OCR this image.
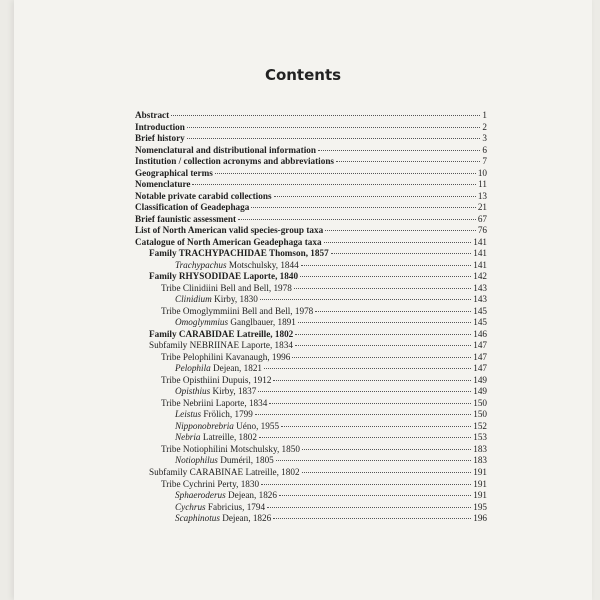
Contents
Abstract	1
Introduction	2
Brief history	3
Nomenclatural and distributional information	6
Institution / collection acronyms and abbreviations	7
Geographical terms	10
Nomenclature	11
Notable private carabid collections	13
Classification of Geadephaga	21
Brief faunistic assessment	67
List of North American valid species-group taxa	76
Catalogue of North American Geadephaga taxa	141
Family TRACHYPACHIDAE Thomson, 1857	141
Trachypachus Motschulsky, 1844	141
Family RHYSODIDAE Laporte, 1840	142
Tribe Clinidiini Bell and Bell, 1978	143
Clinidium Kirby, 1830	143
Tribe Omoglymmiini Bell and Bell, 1978	145
Omoglymmius Ganglbauer, 1891	145
Family CARABIDAE Latreille, 1802	146
Subfamily NEBRIINAE Laporte, 1834	147
Tribe Pelophilini Kavanaugh, 1996	147
Pelophila Dejean, 1821	147
Tribe Opisthiini Dupuis, 1912	149
Opisthius Kirby, 1837	149
Tribe Nebriini Laporte, 1834	150
Leistus Frölich, 1799	150
Nipponobrebria Uéno, 1955	152
Nebria Latreille, 1802	153
Tribe Notiophilini Motschulsky, 1850	183
Notiophilus Duméril, 1805	183
Subfamily CARABINAE Latreille, 1802	191
Tribe Cychrini Perty, 1830	191
Sphaeroderus Dejean, 1826	191
Cychrus Fabricius, 1794	195
Scaphinotus Dejean, 1826	196
